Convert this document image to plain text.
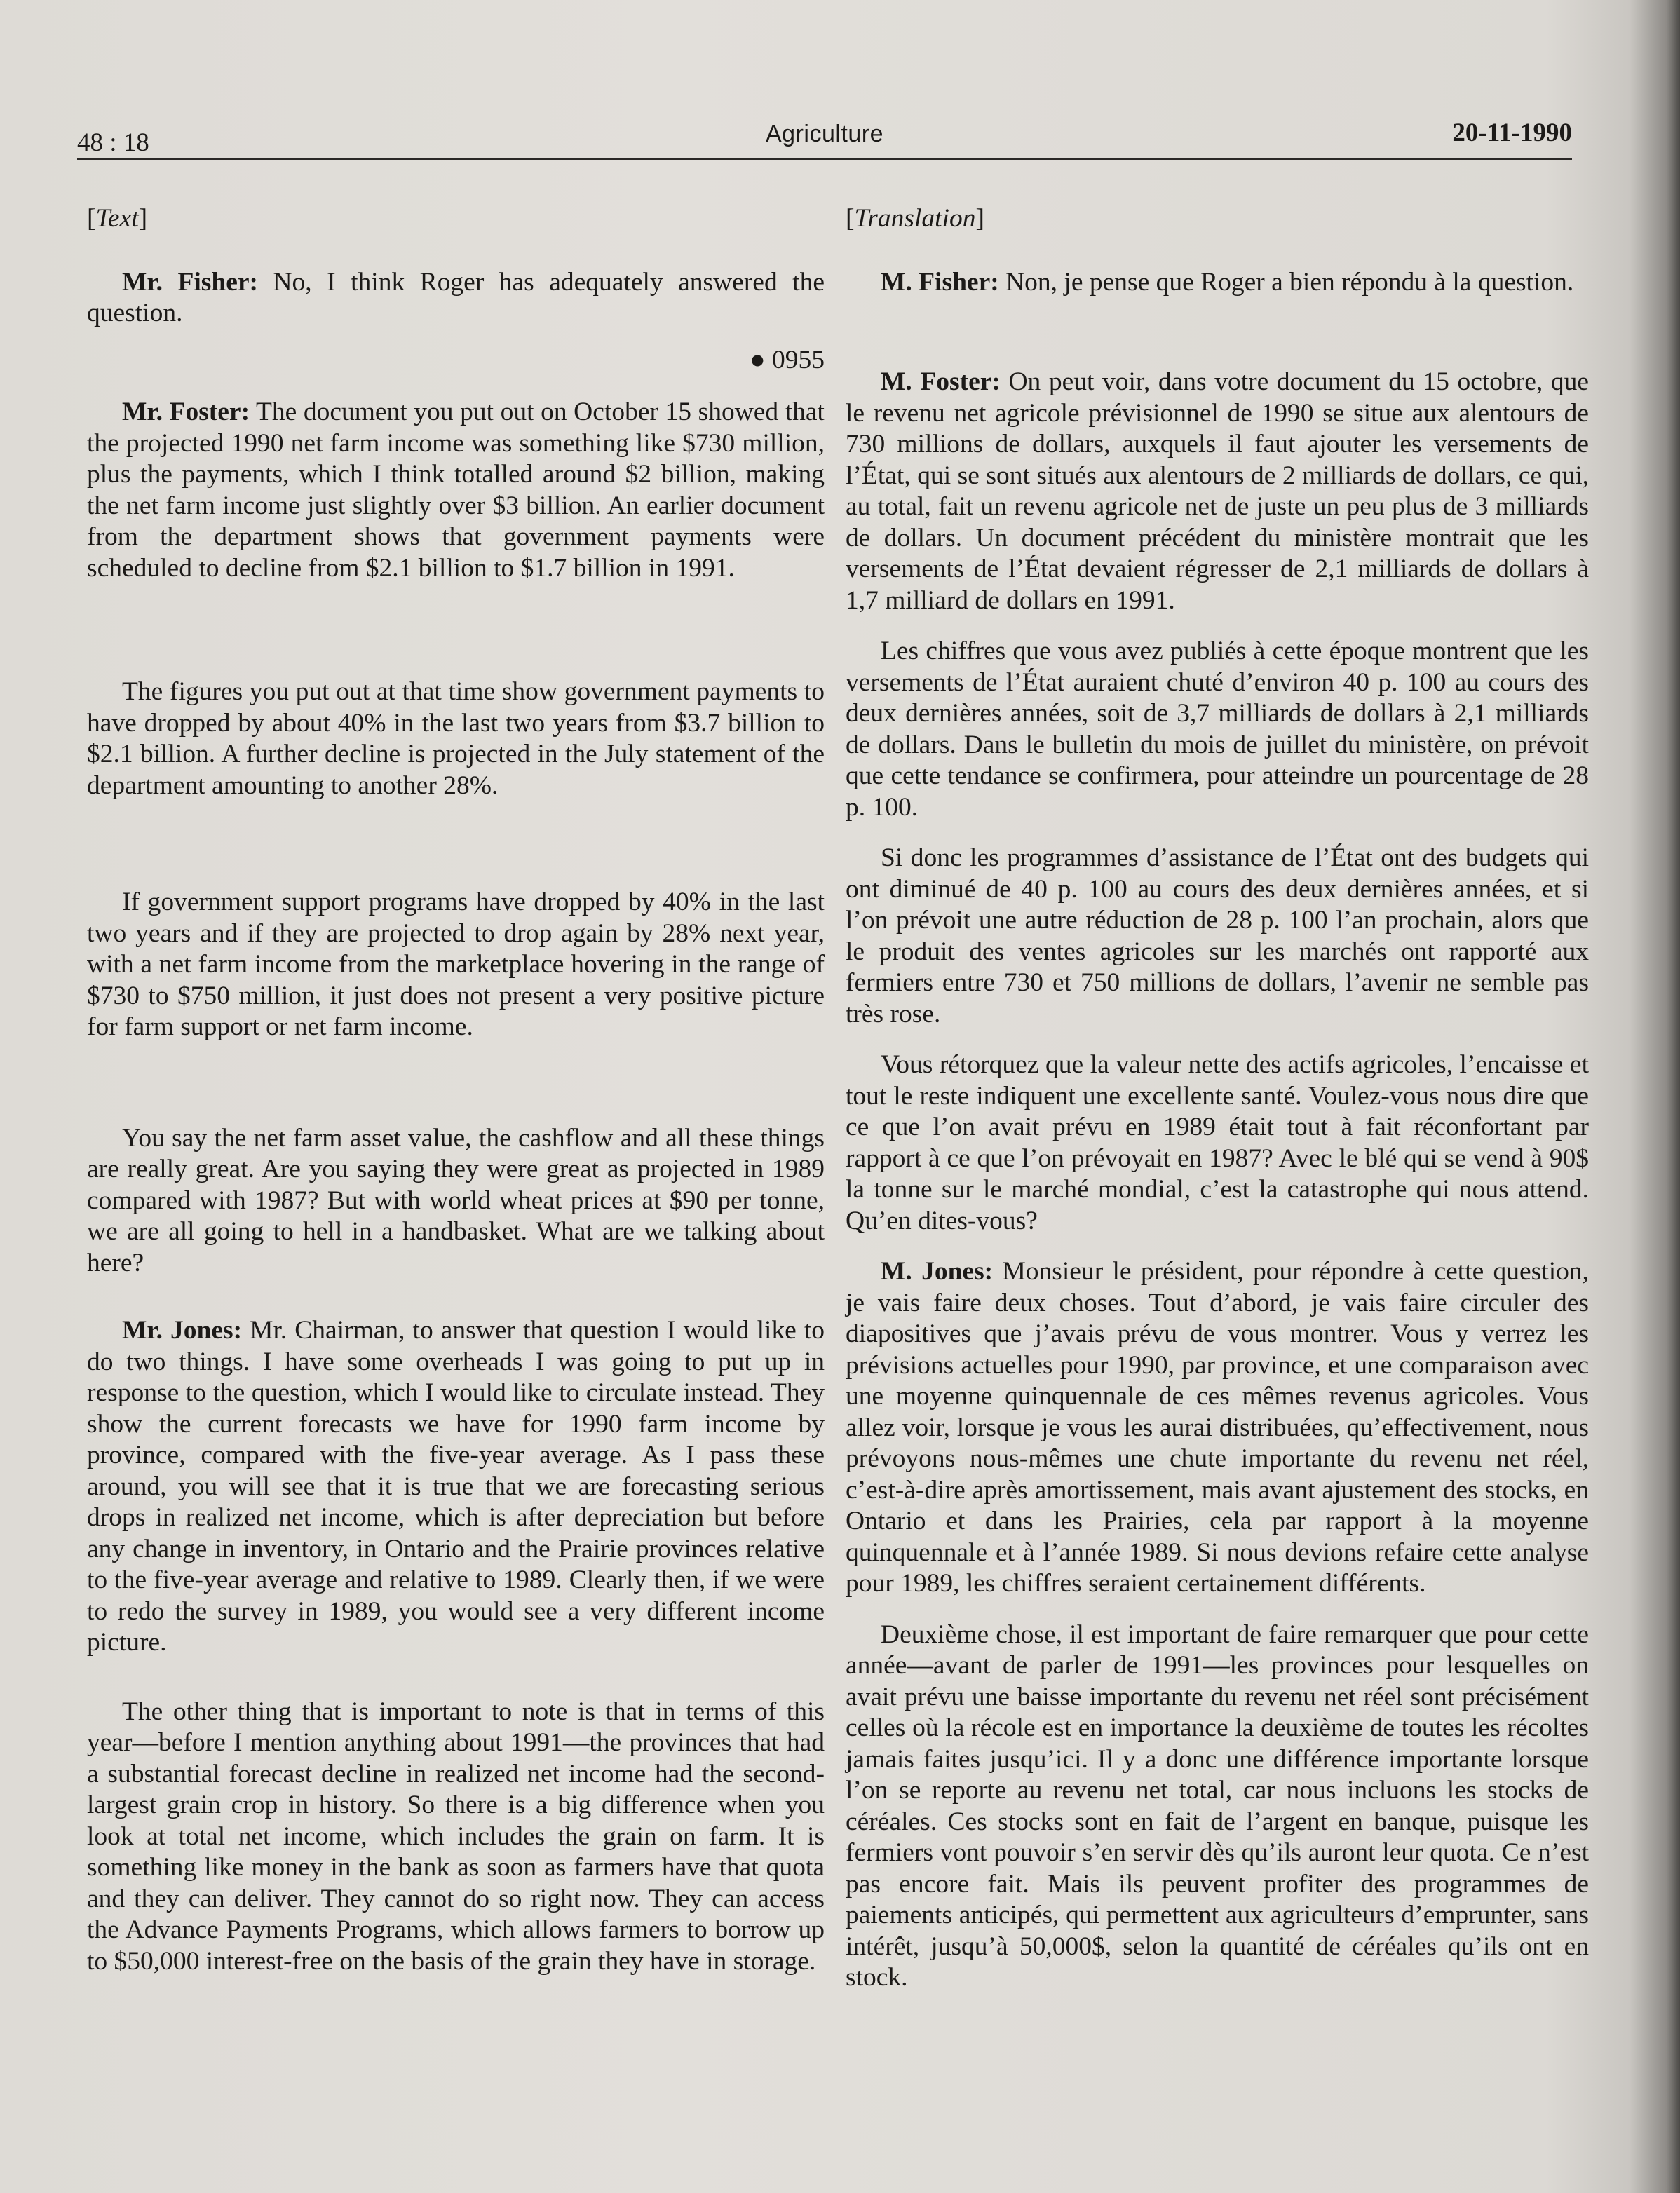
48 : 18	Agriculture	20-11-1990

[Text]

Mr. Fisher: No, I think Roger has adequately answered the question.

● 0955

Mr. Foster: The document you put out on October 15 showed that the projected 1990 net farm income was something like $730 million, plus the payments, which I think totalled around $2 billion, making the net farm income just slightly over $3 billion. An earlier document from the department shows that government payments were scheduled to decline from $2.1 billion to $1.7 billion in 1991.

The figures you put out at that time show government payments to have dropped by about 40% in the last two years from $3.7 billion to $2.1 billion. A further decline is projected in the July statement of the department amounting to another 28%.

If government support programs have dropped by 40% in the last two years and if they are projected to drop again by 28% next year, with a net farm income from the marketplace hovering in the range of $730 to $750 million, it just does not present a very positive picture for farm support or net farm income.

You say the net farm asset value, the cashflow and all these things are really great. Are you saying they were great as projected in 1989 compared with 1987? But with world wheat prices at $90 per tonne, we are all going to hell in a handbasket. What are we talking about here?

Mr. Jones: Mr. Chairman, to answer that question I would like to do two things. I have some overheads I was going to put up in response to the question, which I would like to circulate instead. They show the current forecasts we have for 1990 farm income by province, compared with the five-year average. As I pass these around, you will see that it is true that we are forecasting serious drops in realized net income, which is after depreciation but before any change in inventory, in Ontario and the Prairie provinces relative to the five-year average and relative to 1989. Clearly then, if we were to redo the survey in 1989, you would see a very different income picture.

The other thing that is important to note is that in terms of this year—before I mention anything about 1991—the provinces that had a substantial forecast decline in realized net income had the second-largest grain crop in history. So there is a big difference when you look at total net income, which includes the grain on farm. It is something like money in the bank as soon as farmers have that quota and they can deliver. They cannot do so right now. They can access the Advance Payments Programs, which allows farmers to borrow up to $50,000 interest-free on the basis of the grain they have in storage.

[Translation]

M. Fisher: Non, je pense que Roger a bien répondu à la question.

M. Foster: On peut voir, dans votre document du 15 octobre, que le revenu net agricole prévisionnel de 1990 se situe aux alentours de 730 millions de dollars, auxquels il faut ajouter les versements de l’État, qui se sont situés aux alentours de 2 milliards de dollars, ce qui, au total, fait un revenu agricole net de juste un peu plus de 3 milliards de dollars. Un document précédent du ministère montrait que les versements de l’État devaient régresser de 2,1 milliards de dollars à 1,7 milliard de dollars en 1991.

Les chiffres que vous avez publiés à cette époque montrent que les versements de l’État auraient chuté d’environ 40 p. 100 au cours des deux dernières années, soit de 3,7 milliards de dollars à 2,1 milliards de dollars. Dans le bulletin du mois de juillet du ministère, on prévoit que cette tendance se confirmera, pour atteindre un pourcentage de 28 p. 100.

Si donc les programmes d’assistance de l’État ont des budgets qui ont diminué de 40 p. 100 au cours des deux dernières années, et si l’on prévoit une autre réduction de 28 p. 100 l’an prochain, alors que le produit des ventes agricoles sur les marchés ont rapporté aux fermiers entre 730 et 750 millions de dollars, l’avenir ne semble pas très rose.

Vous rétorquez que la valeur nette des actifs agricoles, l’encaisse et tout le reste indiquent une excellente santé. Voulez-vous nous dire que ce que l’on avait prévu en 1989 était tout à fait réconfortant par rapport à ce que l’on prévoyait en 1987? Avec le blé qui se vend à 90$ la tonne sur le marché mondial, c’est la catastrophe qui nous attend. Qu’en dites-vous?

M. Jones: Monsieur le président, pour répondre à cette question, je vais faire deux choses. Tout d’abord, je vais faire circuler des diapositives que j’avais prévu de vous montrer. Vous y verrez les prévisions actuelles pour 1990, par province, et une comparaison avec une moyenne quinquennale de ces mêmes revenus agricoles. Vous allez voir, lorsque je vous les aurai distribuées, qu’effectivement, nous prévoyons nous-mêmes une chute importante du revenu net réel, c’est-à-dire après amortissement, mais avant ajustement des stocks, en Ontario et dans les Prairies, cela par rapport à la moyenne quinquennale et à l’année 1989. Si nous devions refaire cette analyse pour 1989, les chiffres seraient certainement différents.

Deuxième chose, il est important de faire remarquer que pour cette année—avant de parler de 1991—les provinces pour lesquelles on avait prévu une baisse importante du revenu net réel sont précisément celles où la récole est en importance la deuxième de toutes les récoltes jamais faites jusqu’ici. Il y a donc une différence importante lorsque l’on se reporte au revenu net total, car nous incluons les stocks de céréales. Ces stocks sont en fait de l’argent en banque, puisque les fermiers vont pouvoir s’en servir dès qu’ils auront leur quota. Ce n’est pas encore fait. Mais ils peuvent profiter des programmes de paiements anticipés, qui permettent aux agriculteurs d’emprunter, sans intérêt, jusqu’à 50,000$, selon la quantité de céréales qu’ils ont en stock.
